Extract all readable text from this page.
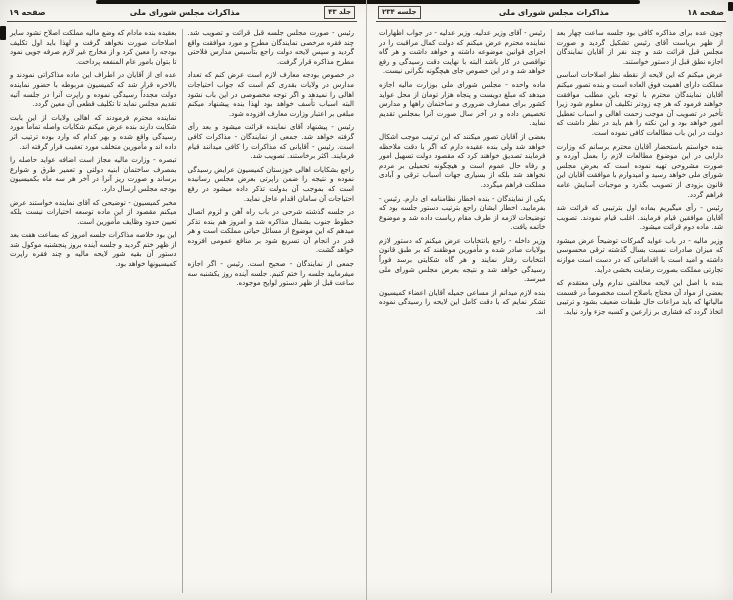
صفحه ۱۸
مذاکرات مجلس شورای ملی
جلسه ۲۳۴

چون عده برای مذاکره کافی بود جلسه ساعت چهار بعد از ظهر بریاست آقای رئیس تشکیل گردید و صورت مجلس قبل قرائت شد و چند نفر از آقایان نمایندگان اجازه نطق قبل از دستور خواستند.

عرض میکنم که این لایحه از نقطه نظر اصلاحات اساسی مملکت دارای اهمیت فوق العاده است و بنده تصور میکنم آقایان نمایندگان محترم با توجه باین مطلب موافقت خواهند فرمود که هر چه زودتر تکلیف آن معلوم شود زیرا تأخیر در تصویب آن موجب زحمت اهالی و اسباب تعطیل امور خواهد بود و این نکته را هم باید در نظر داشت که دولت در این باب مطالعات کافی نموده است.

بنده خواستم باستحضار آقایان محترم برسانم که وزارت دارایی در این موضوع مطالعات لازم را بعمل آورده و صورت مشروحی تهیه نموده است که بعرض مجلس شورای ملی خواهد رسید و امیدوارم با موافقت آقایان این قانون بزودی از تصویب بگذرد و موجبات آسایش عامه فراهم گردد.

رئیس - رأی میگیریم بماده اول بترتیبی که قرائت شد آقایان موافقین قیام فرمایند. اغلب قیام نمودند. تصویب شد. ماده دوم قرائت میشود.

وزیر مالیه - در باب عواید گمرکات توضیحاً عرض میشود که میزان صادرات نسبت بسال گذشته ترقی محسوسی داشته و امید است با اقداماتی که در دست است موازنه تجارتی مملکت بصورت رضایت بخشی درآید.

بنده با اصل این لایحه مخالفتی ندارم ولی معتقدم که بعضی از مواد آن محتاج باصلاح است مخصوصاً در قسمت مالیاتها که باید مراعات حال طبقات ضعیف بشود و ترتیبی اتخاذ گردد که فشاری بر زارعین و کسبه جزء وارد نیاید.

رئیس - آقای وزیر عدلیه. وزیر عدلیه - در جواب اظهارات نماینده محترم عرض میکنم که دولت کمال مراقبت را در اجرای قوانین موضوعه داشته و خواهد داشت و هر گاه نواقصی در کار باشد البته با نهایت دقت رسیدگی و رفع خواهد شد و در این خصوص جای هیچگونه نگرانی نیست.

ماده واحده - مجلس شورای ملی بوزارت مالیه اجازه میدهد که مبلغ دویست و پنجاه هزار تومان از محل عواید کشور برای مصارف ضروری و ساختمان راهها و مدارس تخصیص داده و در آخر سال صورت آنرا بمجلس تقدیم نماید.

بعضی از آقایان تصور میکنند که این ترتیب موجب اشکال خواهد شد ولی بنده عقیده دارم که اگر با دقت ملاحظه فرمایند تصدیق خواهند کرد که مقصود دولت تسهیل امور و رفاه حال عموم است و هیچگونه تحمیلی بر مردم نخواهد شد بلکه از بسیاری جهات اسباب ترقی و آبادی مملکت فراهم میگردد.

یکی از نمایندگان - بنده اخطار نظامنامه ای دارم. رئیس - بفرمایید. اخطار ایشان راجع بترتیب دستور جلسه بود که توضیحات لازمه از طرف مقام ریاست داده شد و موضوع خاتمه یافت.

وزیر داخله - راجع بانتخابات عرض میکنم که دستور لازم بولایات صادر شده و مأمورین موظفند که بر طبق قانون انتخابات رفتار نمایند و هر گاه شکایتی برسد فوراً رسیدگی خواهد شد و نتیجه بعرض مجلس شورای ملی میرسد.

بنده لازم میدانم از مساعی جمیله آقایان اعضاء کمیسیون تشکر نمایم که با دقت کامل این لایحه را رسیدگی نموده اند.

جلد ۴۳
مذاکرات مجلس شورای ملی
صفحه ۱۹

رئیس - صورت مجلس جلسه قبل قرائت و تصویب شد. چند فقره مرخصی نمایندگان مطرح و مورد موافقت واقع گردید و سپس لایحه دولت راجع بتأسیس مدارس فلاحتی مطرح مذاکره قرار گرفت.

در خصوص بودجه معارف لازم است عرض کنم که تعداد مدارس در ولایات بقدری کم است که جواب احتیاجات اهالی را نمیدهد و اگر توجه مخصوصی در این باب نشود البته اسباب تأسف خواهد بود لهذا بنده پیشنهاد میکنم مبلغی بر اعتبار وزارت معارف افزوده شود.

رئیس - پیشنهاد آقای نماینده قرائت میشود و بعد رأی گرفته خواهد شد. جمعی از نمایندگان - مذاکرات کافی است. رئیس - آقایانی که مذاکرات را کافی میدانند قیام فرمایند. اکثر برخاستند. تصویب شد.

راجع بشکایات اهالی خوزستان کمیسیون عرایض رسیدگی نموده و نتیجه را ضمن راپرتی بعرض مجلس رسانیده است که بموجب آن بدولت تذکر داده میشود در رفع احتیاجات آن سامان اقدام عاجل نماید.

در جلسه گذشته شرحی در باب راه آهن و لزوم اتصال خطوط جنوب بشمال مذاکره شد و امروز هم بنده تذکر میدهم که این موضوع از مسائل حیاتی مملکت است و هر قدر در انجام آن تسریع شود بر منافع عمومی افزوده خواهد گشت.

جمعی از نمایندگان - صحیح است. رئیس - اگر اجازه میفرمایید جلسه را ختم کنیم. جلسه آینده روز یکشنبه سه ساعت قبل از ظهر دستور لوایح موجوده.

بعقیده بنده مادام که وضع مالیه مملکت اصلاح نشود سایر اصلاحات صورت نخواهد گرفت و لهذا باید اول تکلیف بودجه را معین کرد و از مخارج غیر لازم صرفه جویی نمود تا بتوان بامور عام المنفعه پرداخت.

عده ای از آقایان در اطراف این ماده مذاکراتی نمودند و بالاخره قرار شد که کمیسیون مربوطه با حضور نماینده دولت مجدداً رسیدگی نموده و راپرت آنرا در جلسه آتیه تقدیم مجلس نماید تا تکلیف قطعی آن معین گردد.

نماینده محترم فرمودند که اهالی ولایات از این بابت شکایت دارند بنده عرض میکنم شکایات واصله تماماً مورد رسیدگی واقع شده و بهر کدام که وارد بوده ترتیب اثر داده اند و مأمورین متخلف مورد تعقیب قرار گرفته اند.

تبصره - وزارت مالیه مجاز است اضافه عواید حاصله را بمصرف ساختمان ابنیه دولتی و تعمیر طرق و شوارع برساند و صورت ریز آنرا در آخر هر سه ماه بکمیسیون بودجه مجلس ارسال دارد.

مخبر کمیسیون - توضیحی که آقای نماینده خواستند عرض میکنم مقصود از این ماده توسعه اختیارات نیست بلکه تعیین حدود وظایف مأمورین است.

این بود خلاصه مذاکرات جلسه امروز که بساعت هفت بعد از ظهر ختم گردید و جلسه آینده بروز پنجشنبه موکول شد دستور آن بقیه شور لایحه مالیه و چند فقره راپرت کمیسیونها خواهد بود.
